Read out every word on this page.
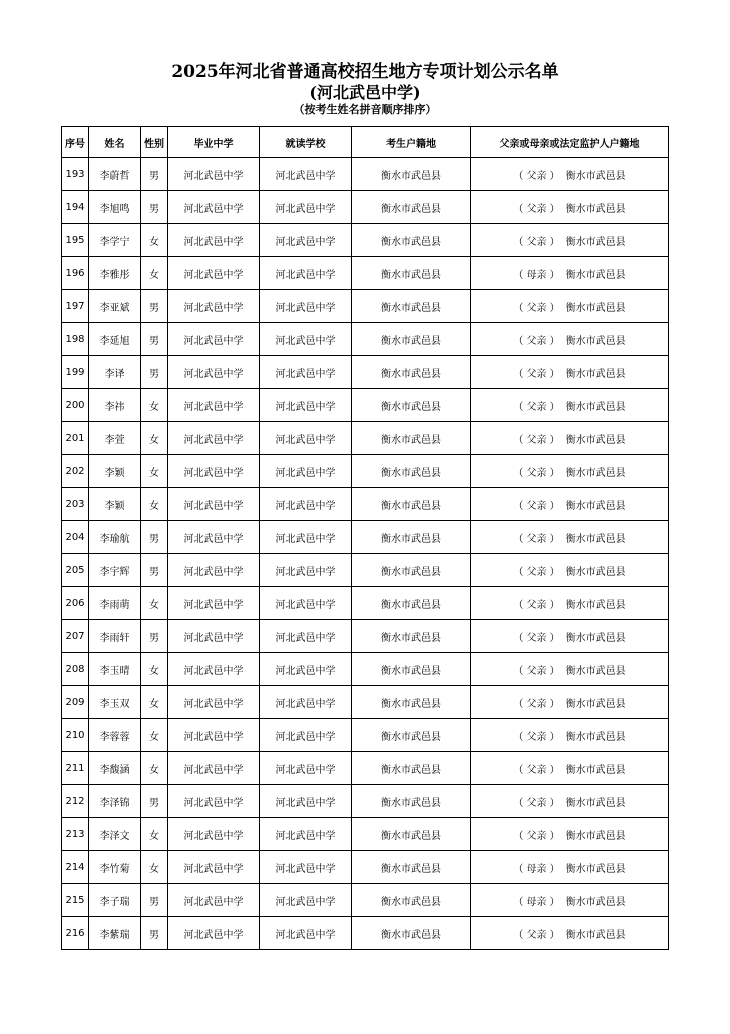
2025年河北省普通高校招生地方专项计划公示名单
(河北武邑中学)
（按考生姓名拼音顺序排序）
序号	姓名	性别	毕业中学	就读学校	考生户籍地	父亲或母亲或法定监护人户籍地
193	李蔚哲	男	河北武邑中学	河北武邑中学	衡水市武邑县	（ 父亲 ） 衡水市武邑县
194	李旭鸣	男	河北武邑中学	河北武邑中学	衡水市武邑县	（ 父亲 ） 衡水市武邑县
195	李学宁	女	河北武邑中学	河北武邑中学	衡水市武邑县	（ 父亲 ） 衡水市武邑县
196	李雅彤	女	河北武邑中学	河北武邑中学	衡水市武邑县	（ 母亲 ） 衡水市武邑县
197	李亚斌	男	河北武邑中学	河北武邑中学	衡水市武邑县	（ 父亲 ） 衡水市武邑县
198	李延旭	男	河北武邑中学	河北武邑中学	衡水市武邑县	（ 父亲 ） 衡水市武邑县
199	李译	男	河北武邑中学	河北武邑中学	衡水市武邑县	（ 父亲 ） 衡水市武邑县
200	李祎	女	河北武邑中学	河北武邑中学	衡水市武邑县	（ 父亲 ） 衡水市武邑县
201	李萱	女	河北武邑中学	河北武邑中学	衡水市武邑县	（ 父亲 ） 衡水市武邑县
202	李颖	女	河北武邑中学	河北武邑中学	衡水市武邑县	（ 父亲 ） 衡水市武邑县
203	李颖	女	河北武邑中学	河北武邑中学	衡水市武邑县	（ 父亲 ） 衡水市武邑县
204	李瑜航	男	河北武邑中学	河北武邑中学	衡水市武邑县	（ 父亲 ） 衡水市武邑县
205	李宇辉	男	河北武邑中学	河北武邑中学	衡水市武邑县	（ 父亲 ） 衡水市武邑县
206	李雨萌	女	河北武邑中学	河北武邑中学	衡水市武邑县	（ 父亲 ） 衡水市武邑县
207	李雨轩	男	河北武邑中学	河北武邑中学	衡水市武邑县	（ 父亲 ） 衡水市武邑县
208	李玉晴	女	河北武邑中学	河北武邑中学	衡水市武邑县	（ 父亲 ） 衡水市武邑县
209	李玉双	女	河北武邑中学	河北武邑中学	衡水市武邑县	（ 父亲 ） 衡水市武邑县
210	李蓉蓉	女	河北武邑中学	河北武邑中学	衡水市武邑县	（ 父亲 ） 衡水市武邑县
211	李馥涵	女	河北武邑中学	河北武邑中学	衡水市武邑县	（ 父亲 ） 衡水市武邑县
212	李泽锦	男	河北武邑中学	河北武邑中学	衡水市武邑县	（ 父亲 ） 衡水市武邑县
213	李泽文	女	河北武邑中学	河北武邑中学	衡水市武邑县	（ 父亲 ） 衡水市武邑县
214	李竹菊	女	河北武邑中学	河北武邑中学	衡水市武邑县	（ 母亲 ） 衡水市武邑县
215	李子瑞	男	河北武邑中学	河北武邑中学	衡水市武邑县	（ 母亲 ） 衡水市武邑县
216	李紫瑞	男	河北武邑中学	河北武邑中学	衡水市武邑县	（ 父亲 ） 衡水市武邑县
